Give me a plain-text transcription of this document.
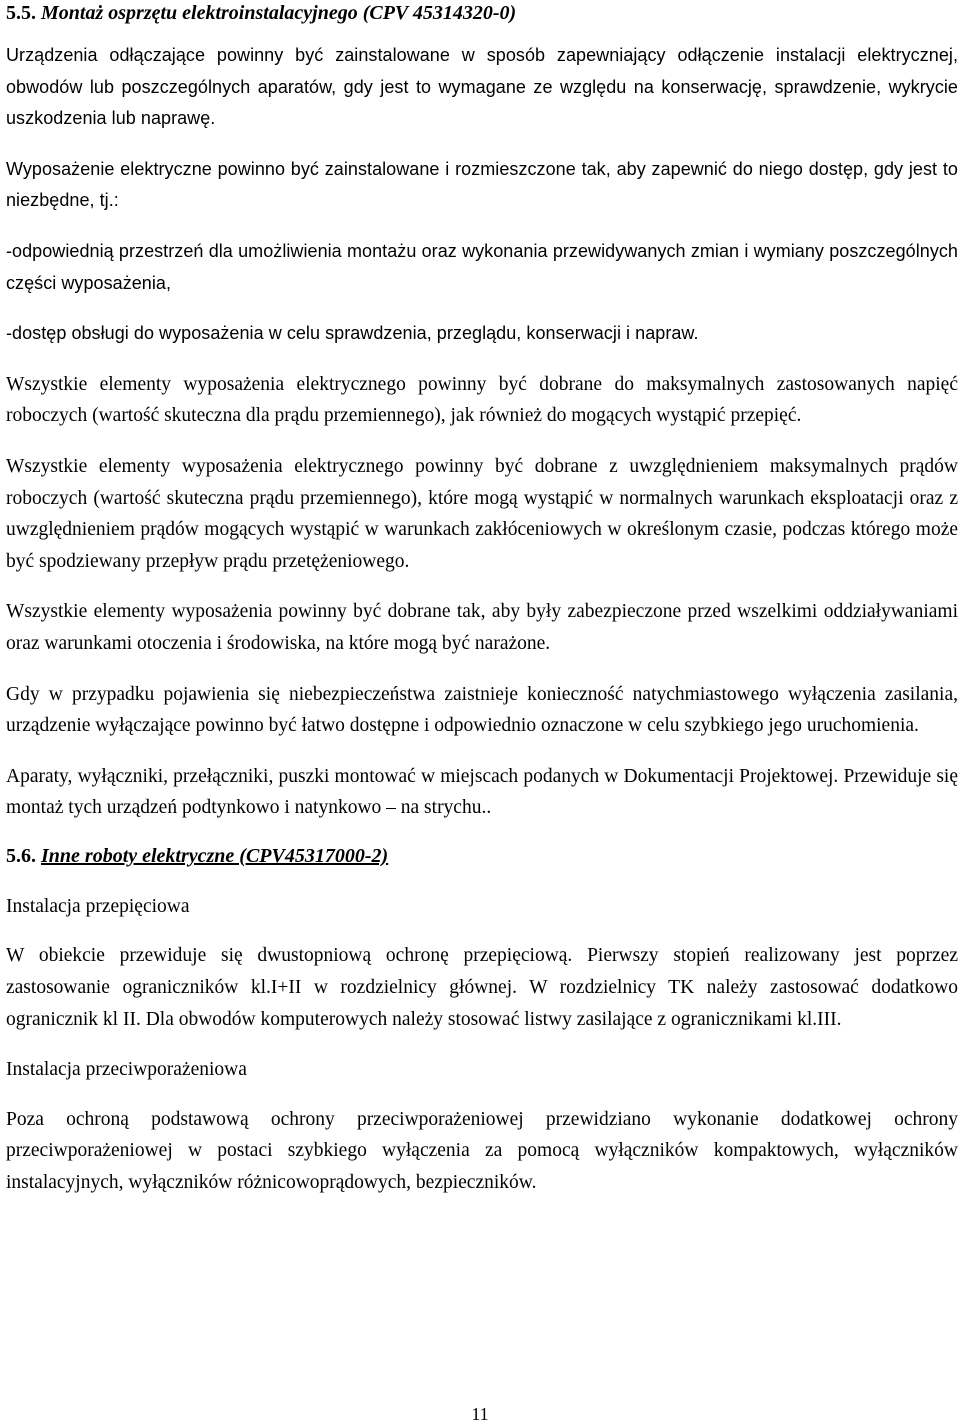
5.5. Montaż osprzętu elektroinstalacyjnego (CPV 45314320-0)

Urządzenia odłączające powinny być zainstalowane w sposób zapewniający odłączenie instalacji elektrycznej, obwodów lub poszczególnych aparatów, gdy jest to wymagane ze względu na konserwację, sprawdzenie, wykrycie uszkodzenia lub naprawę.

Wyposażenie elektryczne powinno być zainstalowane i rozmieszczone tak, aby zapewnić do niego dostęp, gdy jest to niezbędne, tj.:

-odpowiednią przestrzeń dla umożliwienia montażu oraz wykonania przewidywanych zmian i wymiany poszczególnych części wyposażenia,

-dostęp obsługi do wyposażenia w celu sprawdzenia, przeglądu, konserwacji i napraw.

Wszystkie elementy wyposażenia elektrycznego powinny być dobrane do maksymalnych zastosowanych napięć roboczych (wartość skuteczna dla prądu przemiennego), jak również do mogących wystąpić przepięć.

Wszystkie elementy wyposażenia elektrycznego powinny być dobrane z uwzględnieniem maksymalnych prądów roboczych (wartość skuteczna prądu przemiennego), które mogą wystąpić w normalnych warunkach eksploatacji oraz z uwzględnieniem prądów mogących wystąpić w warunkach zakłóceniowych w określonym czasie, podczas którego może być spodziewany przepływ prądu przetężeniowego.

Wszystkie elementy wyposażenia powinny być dobrane tak, aby były zabezpieczone przed wszelkimi oddziaływaniami oraz warunkami otoczenia i środowiska, na które mogą być narażone.

Gdy w przypadku pojawienia się niebezpieczeństwa zaistnieje konieczność natychmiastowego wyłączenia zasilania, urządzenie wyłączające powinno być łatwo dostępne i odpowiednio oznaczone w celu szybkiego jego uruchomienia.

Aparaty, wyłączniki, przełączniki, puszki montować w miejscach podanych w Dokumentacji Projektowej. Przewiduje się montaż tych urządzeń podtynkowo i natynkowo – na strychu..

5.6. Inne roboty elektryczne (CPV45317000-2)

Instalacja przepięciowa

W obiekcie przewiduje się dwustopniową ochronę przepięciową. Pierwszy stopień realizowany jest poprzez zastosowanie ograniczników kl.I+II w rozdzielnicy głównej. W rozdzielnicy TK należy zastosować dodatkowo ogranicznik kl II. Dla obwodów komputerowych należy stosować listwy zasilające z ogranicznikami kl.III.

Instalacja przeciwporażeniowa

Poza ochroną podstawową ochrony przeciwporażeniowej przewidziano wykonanie dodatkowej ochrony przeciwporażeniowej w postaci szybkiego wyłączenia za pomocą wyłączników kompaktowych, wyłączników instalacyjnych, wyłączników różnicowoprądowych, bezpieczników.

11
